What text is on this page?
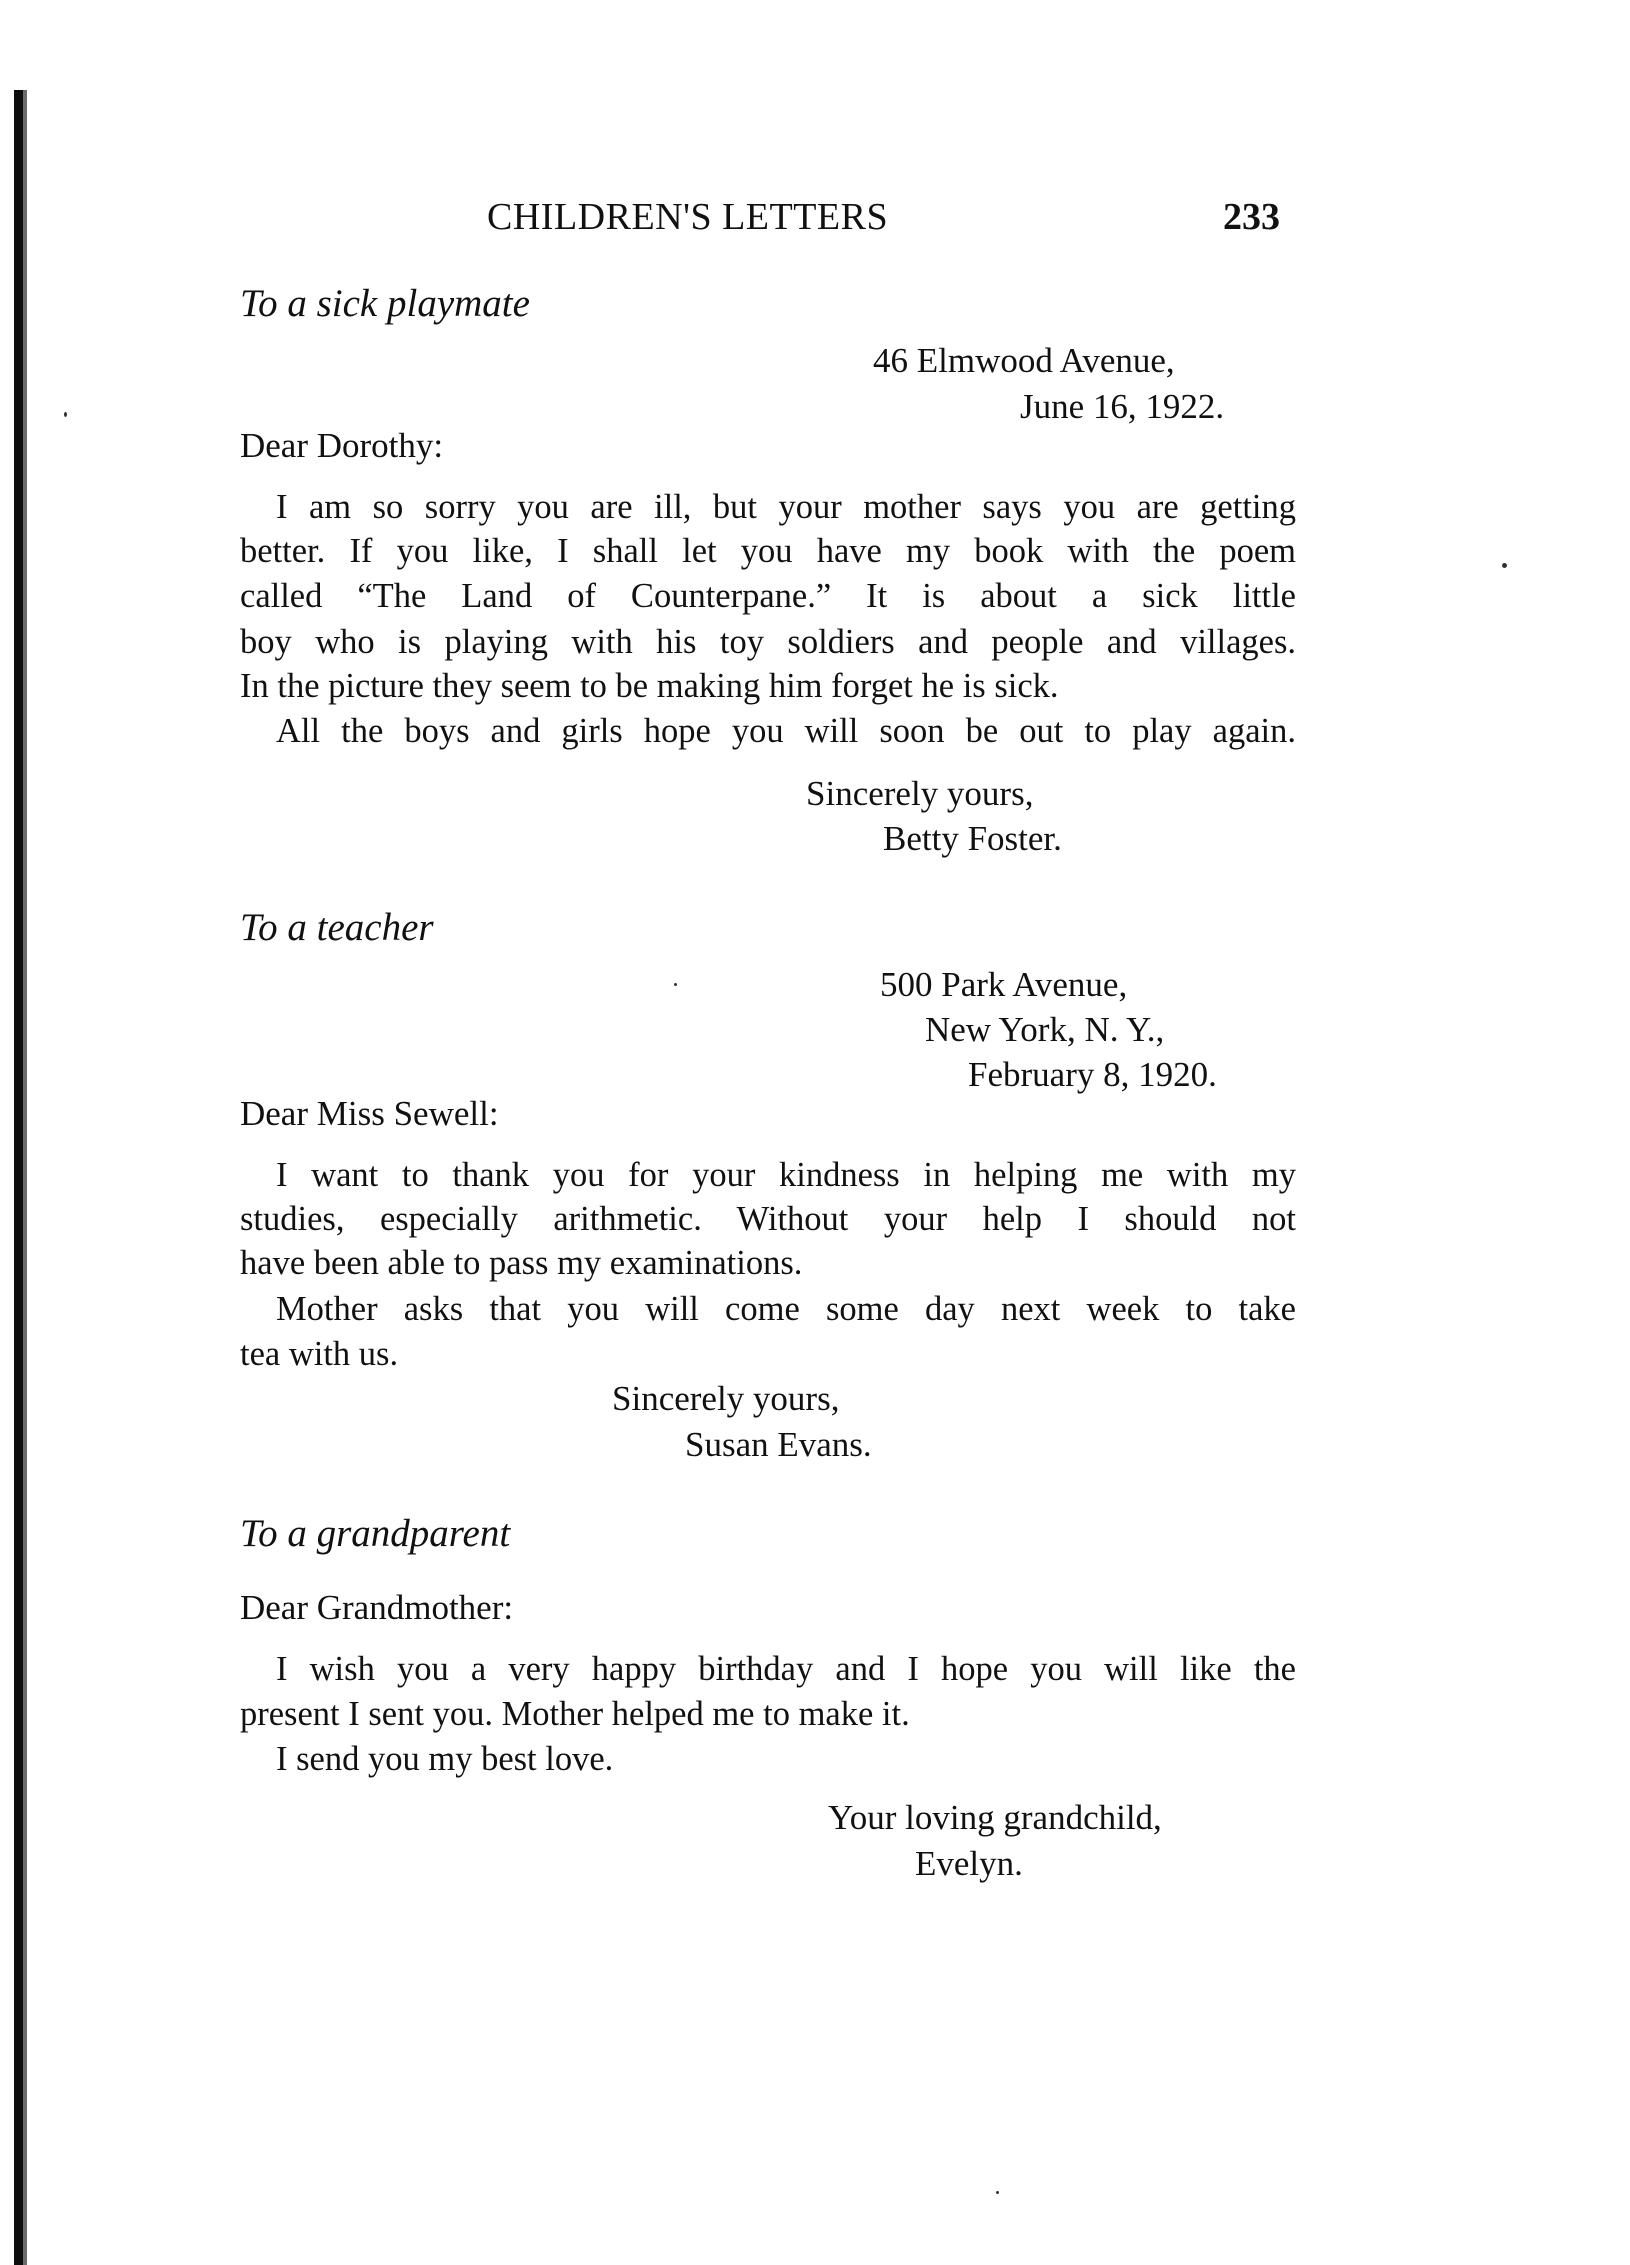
CHILDREN'S LETTERS	233
To a sick playmate
46 Elmwood Avenue,
June 16, 1922.
Dear Dorothy:
I am so sorry you are ill, but your mother says you are getting
better. If you like, I shall let you have my book with the poem
called “The Land of Counterpane.” It is about a sick little
boy who is playing with his toy soldiers and people and villages.
In the picture they seem to be making him forget he is sick.
All the boys and girls hope you will soon be out to play again.
Sincerely yours,
Betty Foster.
To a teacher
500 Park Avenue,
New York, N. Y.,
February 8, 1920.
Dear Miss Sewell:
I want to thank you for your kindness in helping me with my
studies, especially arithmetic. Without your help I should not
have been able to pass my examinations.
Mother asks that you will come some day next week to take
tea with us.
Sincerely yours,
Susan Evans.
To a grandparent
Dear Grandmother:
I wish you a very happy birthday and I hope you will like the
present I sent you. Mother helped me to make it.
I send you my best love.
Your loving grandchild,
Evelyn.
